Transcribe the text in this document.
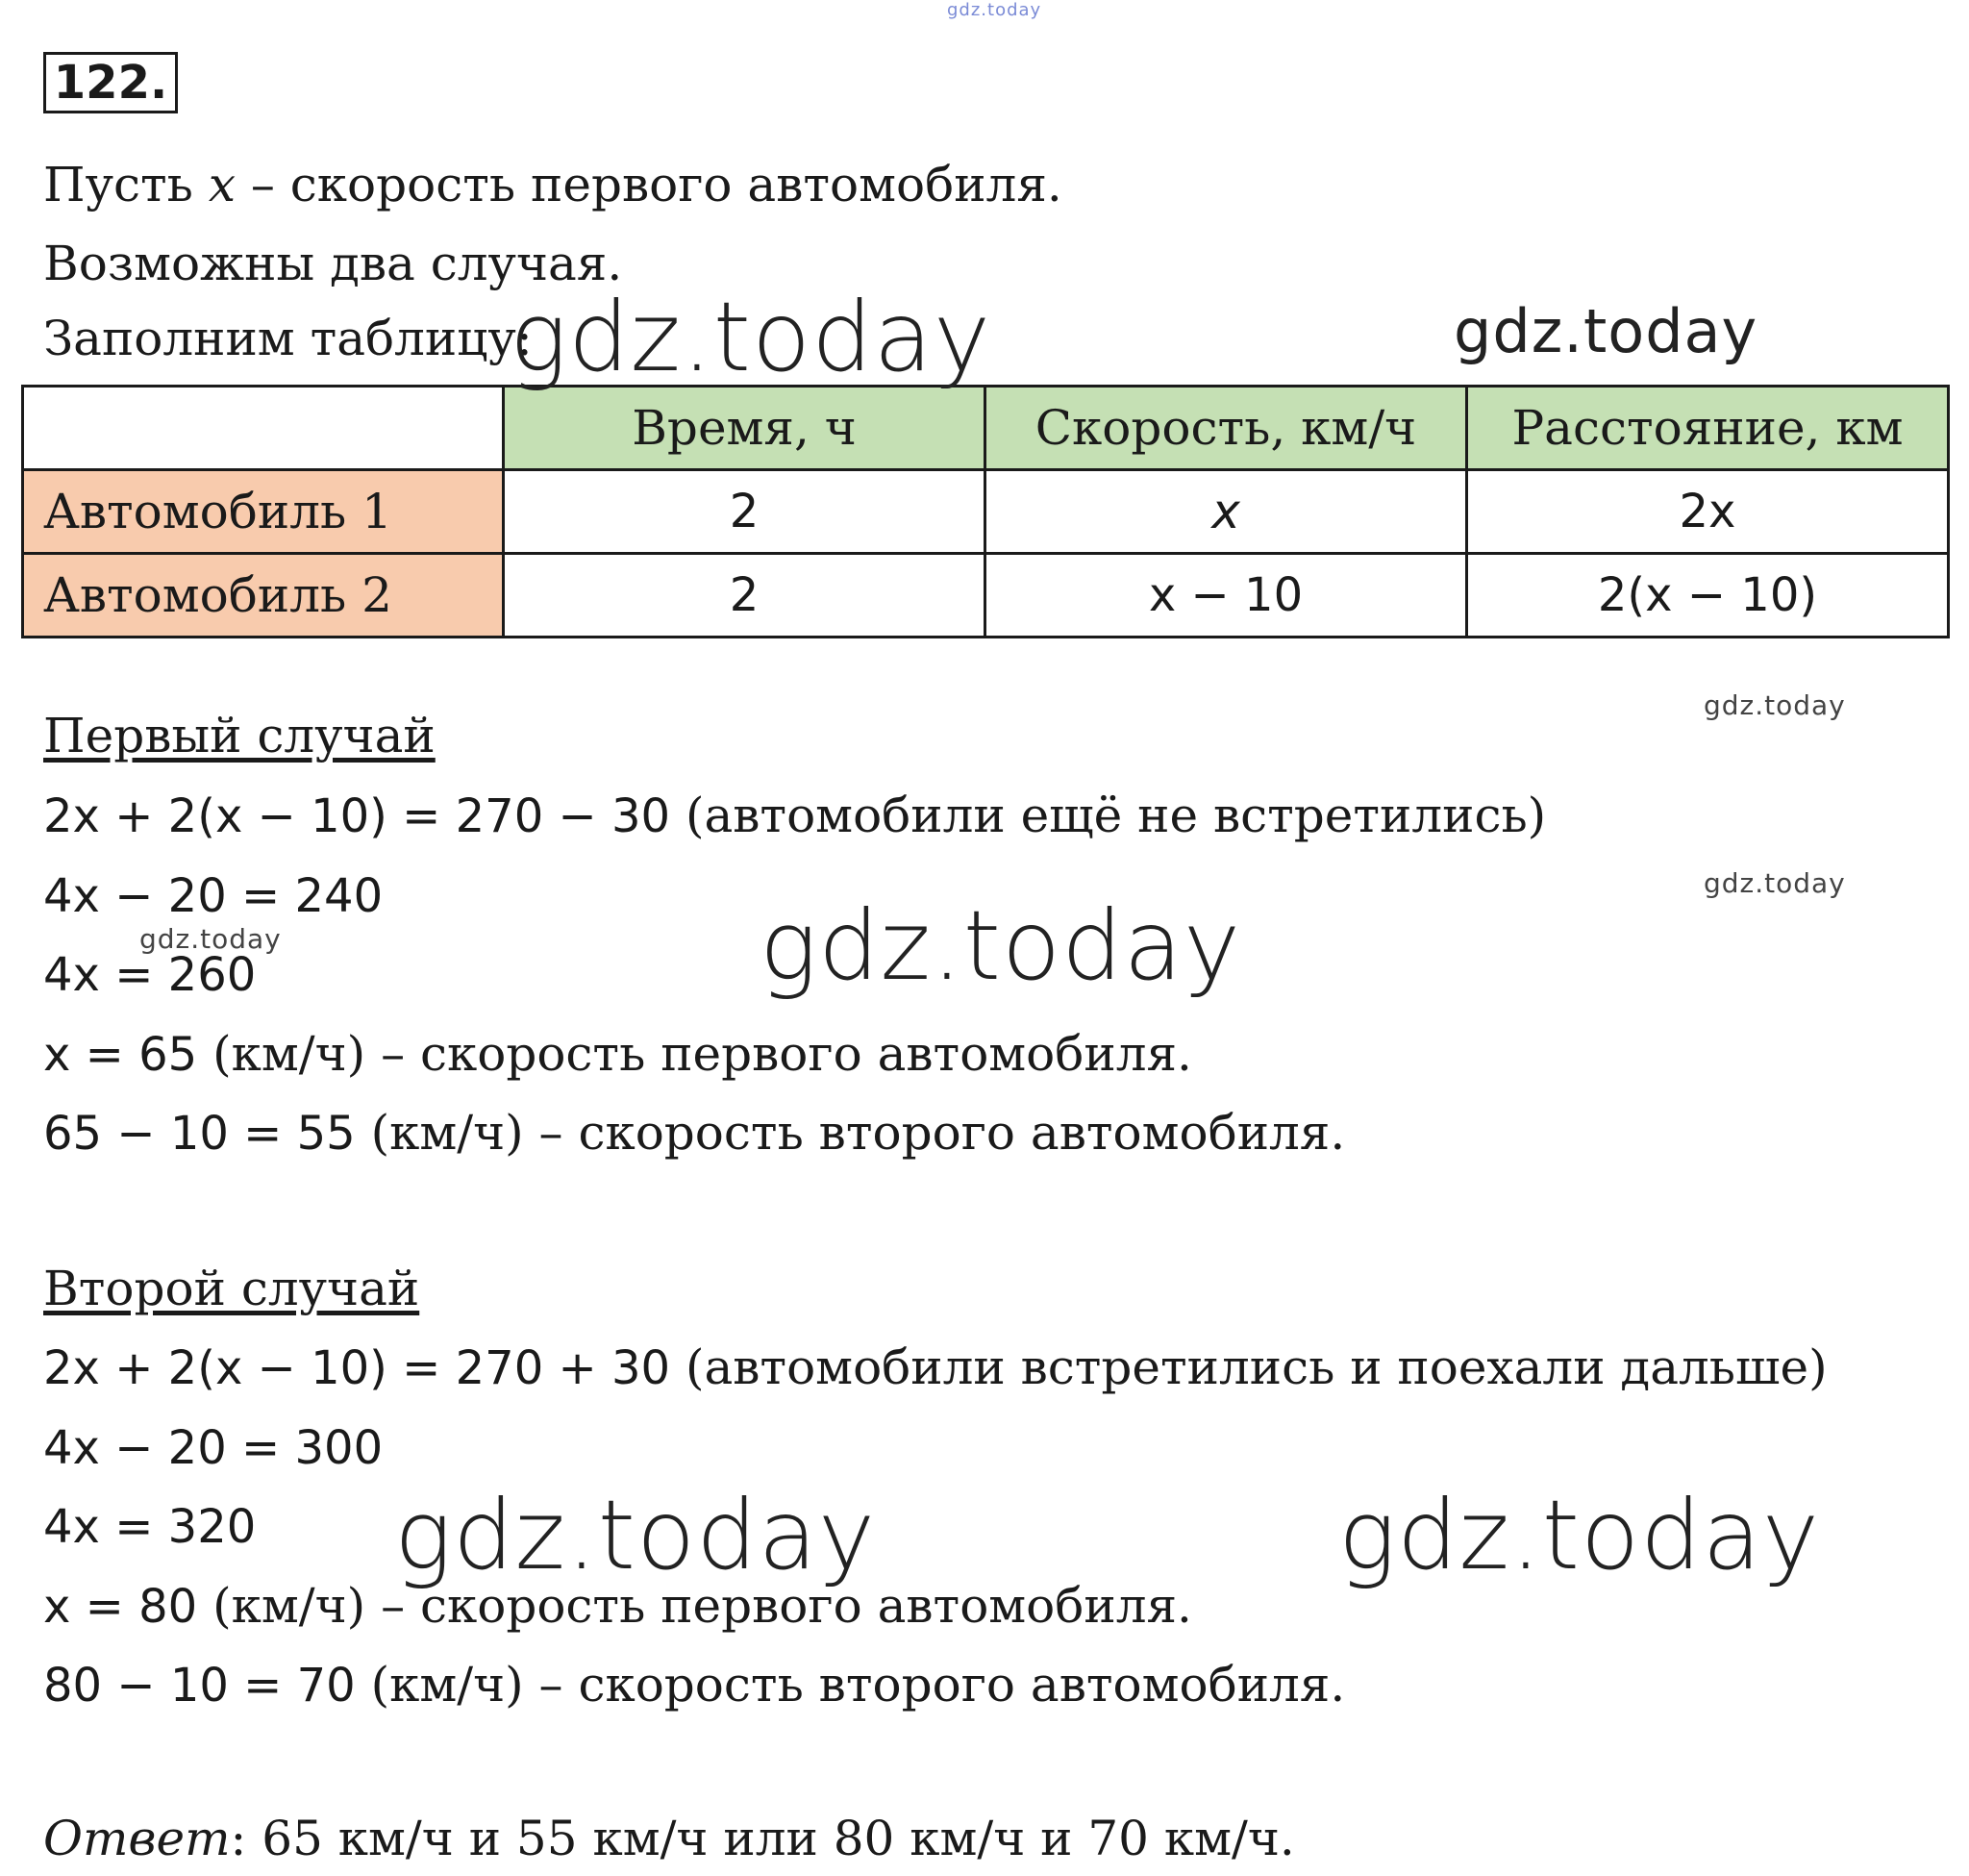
122.
Пусть x – скорость первого автомобиля.
Возможны два случая.
Заполним таблицу:
	Время, ч	Скорость, км/ч	Расстояние, км
Автомобиль 1	2	x	2x
Автомобиль 2	2	x − 10	2(x − 10)
Первый случай
2x + 2(x − 10) = 270 − 30 (автомобили ещё не встретились)
4x − 20 = 240
4x = 260
x = 65 (км/ч) – скорость первого автомобиля.
65 − 10 = 55 (км/ч) – скорость второго автомобиля.
Второй случай
2x + 2(x − 10) = 270 + 30 (автомобили встретились и поехали дальше)
4x − 20 = 300
4x = 320
x = 80 (км/ч) – скорость первого автомобиля.
80 − 10 = 70 (км/ч) – скорость второго автомобиля.
Ответ: 65 км/ч и 55 км/ч или 80 км/ч и 70 км/ч.
gdz.today
gdz.today	gdz.today
gdz.today
gdz.today
gdz.today	gdz.today
gdz.today	gdz.today
